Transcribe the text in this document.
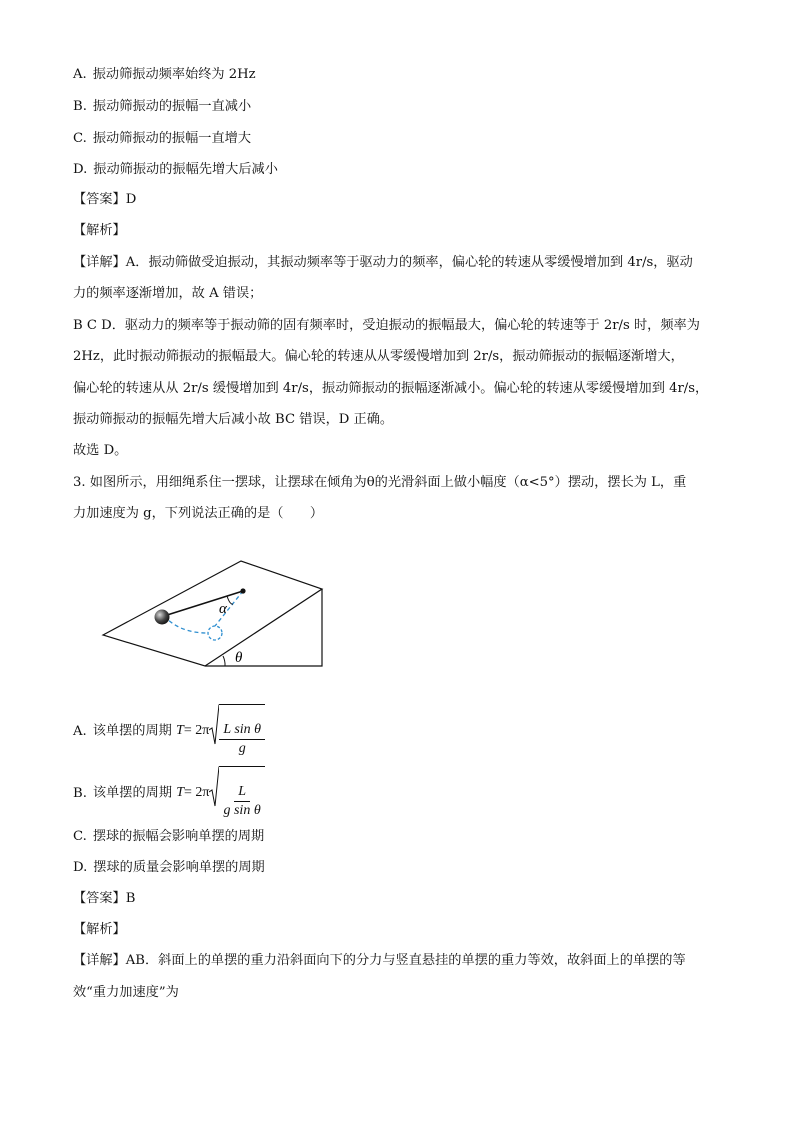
A. 振动筛振动频率始终为 2Hz
B. 振动筛振动的振幅一直减小
C. 振动筛振动的振幅一直增大
D. 振动筛振动的振幅先增大后减小
【答案】D
【解析】
【详解】A．振动筛做受迫振动，其振动频率等于驱动力的频率，偏心轮的转速从零缓慢增加到 4r/s，驱动
力的频率逐渐增加，故 A 错误；
B C D．驱动力的频率等于振动筛的固有频率时，受迫振动的振幅最大，偏心轮的转速等于 2r/s 时，频率为
2Hz，此时振动筛振动的振幅最大。偏心轮的转速从从零缓慢增加到 2r/s，振动筛振动的振幅逐渐增大，
偏心轮的转速从从 2r/s 缓慢增加到 4r/s，振动筛振动的振幅逐渐减小。偏心轮的转速从零缓慢增加到 4r/s，
振动筛振动的振幅先增大后减小故 BC 错误，D 正确。
故选 D。
3. 如图所示，用细绳系住一摆球，让摆球在倾角为θ的光滑斜面上做小幅度（α<5°）摆动，摆长为 L，重
力加速度为 g，下列说法正确的是（　　）
θ
α
A. 该单摆的周期 $T = 2\pi \frac{\text{L sin θ}}{g}$
B. 该单摆的周期 $T = 2\pi \frac{L}{\text{g sin θ}}$
C. 摆球的振幅会影响单摆的周期
D. 摆球的质量会影响单摆的周期
【答案】B
【解析】
【详解】AB．斜面上的单摆的重力沿斜面向下的分力与竖直悬挂的单摆的重力等效，故斜面上的单摆的等
效“重力加速度”为
